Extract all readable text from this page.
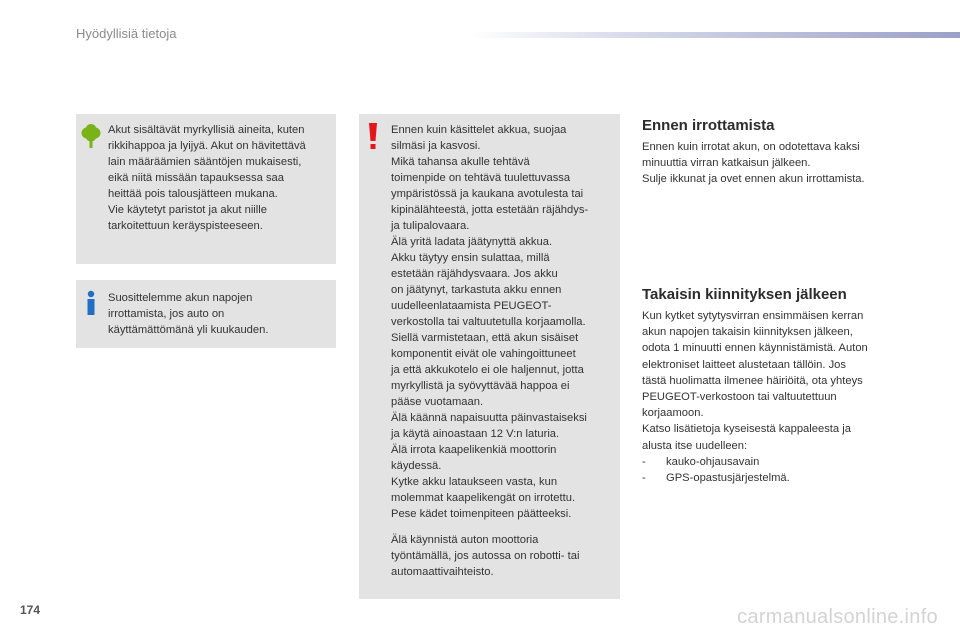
Hyödyllisiä tietoja

Akut sisältävät myrkyllisiä aineita, kuten
rikkihappoa ja lyijyä. Akut on hävitettävä
lain määräämien sääntöjen mukaisesti,
eikä niitä missään tapauksessa saa
heittää pois talousjätteen mukana.
Vie käytetyt paristot ja akut niille
tarkoitettuun keräyspisteeseen.

Suosittelemme akun napojen
irrottamista, jos auto on
käyttämättömänä yli kuukauden.

Ennen kuin käsittelet akkua, suojaa
silmäsi ja kasvosi.
Mikä tahansa akulle tehtävä
toimenpide on tehtävä tuulettuvassa
ympäristössä ja kaukana avotulesta tai
kipinälähteestä, jotta estetään räjähdys-
ja tulipalovaara.
Älä yritä ladata jäätynyttä akkua.
Akku täytyy ensin sulattaa, millä
estetään räjähdysvaara. Jos akku
on jäätynyt, tarkastuta akku ennen
uudelleenlataamista PEUGEOT-
verkostolla tai valtuutetulla korjaamolla.
Siellä varmistetaan, että akun sisäiset
komponentit eivät ole vahingoittuneet
ja että akkukotelo ei ole haljennut, jotta
myrkyllistä ja syövyttävää happoa ei
pääse vuotamaan.
Älä käännä napaisuutta päinvastaiseksi
ja käytä ainoastaan 12 V:n laturia.
Älä irrota kaapelikenkiä moottorin
käydessä.
Kytke akku lataukseen vasta, kun
molemmat kaapelikengät on irrotettu.
Pese kädet toimenpiteen päätteeksi.

Älä käynnistä auton moottoria
työntämällä, jos autossa on robotti- tai
automaattivaihteisto.

Ennen irrottamista

Ennen kuin irrotat akun, on odotettava kaksi
minuuttia virran katkaisun jälkeen.
Sulje ikkunat ja ovet ennen akun irrottamista.

Takaisin kiinnityksen jälkeen

Kun kytket sytytysvirran ensimmäisen kerran
akun napojen takaisin kiinnityksen jälkeen,
odota 1 minuutti ennen käynnistämistä. Auton
elektroniset laitteet alustetaan tällöin. Jos
tästä huolimatta ilmenee häiriöitä, ota yhteys
PEUGEOT-verkostoon tai valtuutettuun
korjaamoon.
Katso lisätietoja kyseisestä kappaleesta ja
alusta itse uudelleen:

-	kauko-ohjausavain
-	GPS-opastusjärjestelmä.
174	carmanualsonline.info
